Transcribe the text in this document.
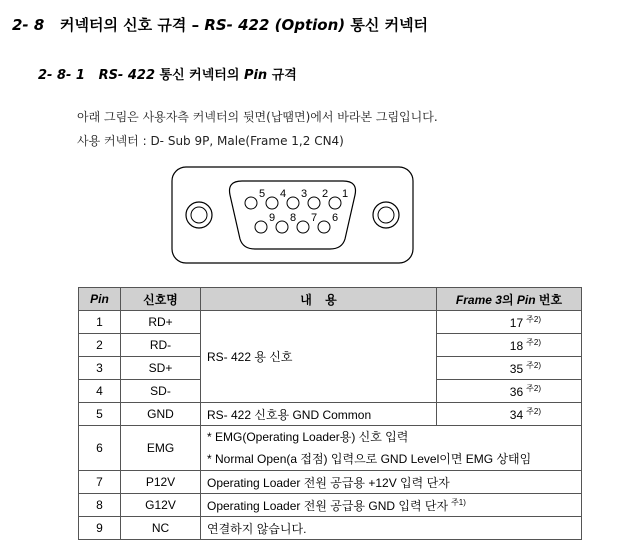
2- 8 커넥터의 신호 규격 – RS- 422 (Option) 통신 커넥터
2- 8- 1 RS- 422 통신 커넥터의 Pin 규격
아래 그림은 사용자측 커넥터의 뒷면(납땜면)에서 바라본 그림입니다.
사용 커넥터 : D- Sub 9P, Male(Frame 1,2 CN4)
5 4 3 2 1
9 8 7 6
Pin	신호명	내    용	Frame 3의 Pin 번호
1	RD+	RS- 422 용 신호	17 $^{주2)}$
2	RD-		18 $^{주2)}$
3	SD+		35 $^{주2)}$
4	SD-		36 $^{주2)}$
5	GND	RS- 422 신호용 GND Common	34 $^{주2)}$
6	EMG	* EMG(Operating Loader용) 신호 입력
* Normal Open(a 접점) 입력으로 GND Level이면 EMG 상태임	

7	P12V	Operating Loader 전원 공급용 +12V 입력 단자	
8	G12V	Operating Loader 전원 공급용 GND 입력 단자 $^{주1)}$
9	NC	연결하지 않습니다.	
